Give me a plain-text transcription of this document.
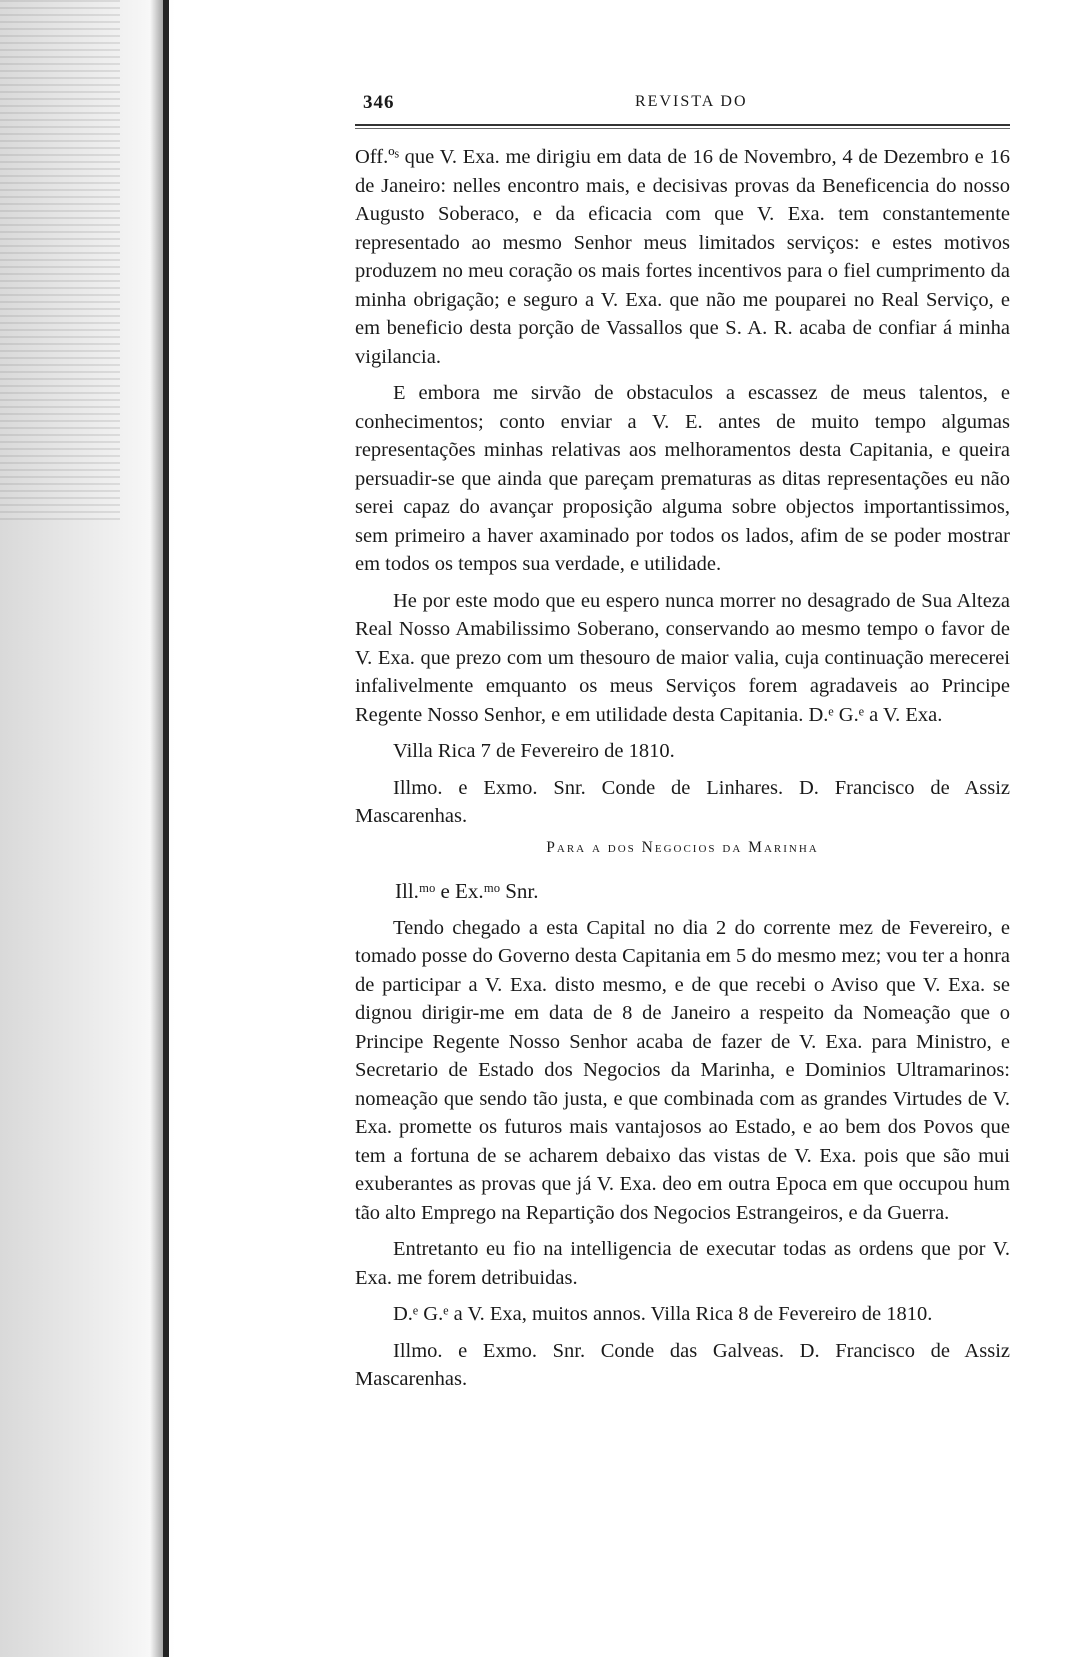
346	REVISTA DO

Off.ºˢ que V. Exa. me dirigiu em data de 16 de Novembro, 4 de Dezembro e 16 de Janeiro: nelles encontro mais, e decisivas provas da Beneficencia do nosso Augusto Soberaco, e da eficacia com que V. Exa. tem constantemente representado ao mesmo Senhor meus limitados serviços: e estes motivos produzem no meu coração os mais fortes incentivos para o fiel cumprimento da minha obrigação; e seguro a V. Exa. que não me pouparei no Real Serviço, e em beneficio desta porção de Vassallos que S. A. R. acaba de confiar á minha vigilancia.

E embora me sirvão de obstaculos a escassez de meus talentos, e conhecimentos; conto enviar a V. E. antes de muito tempo algumas representações minhas relativas aos melhoramentos desta Capitania, e queira persuadir-se que ainda que pareçam prematuras as ditas representações eu não serei capaz do avançar proposição alguma sobre objectos importantissimos, sem primeiro a haver axaminado por todos os lados, afim de se poder mostrar em todos os tempos sua verdade, e utilidade.

He por este modo que eu espero nunca morrer no desagrado de Sua Alteza Real Nosso Amabilissimo Soberano, conservando ao mesmo tempo o favor de V. Exa. que prezo com um thesouro de maior valia, cuja continuação merecerei infalivelmente emquanto os meus Serviços forem agradaveis ao Principe Regente Nosso Senhor, e em utilidade desta Capitania. D.ᵉ G.ᵉ a V. Exa.

Villa Rica 7 de Fevereiro de 1810.

Illmo. e Exmo. Snr. Conde de Linhares. D. Francisco de Assiz Mascarenhas.

Para a dos Negocios da Marinha
Ill.ᵐᵒ e Ex.ᵐᵒ Snr.

Tendo chegado a esta Capital no dia 2 do corrente mez de Fevereiro, e tomado posse do Governo desta Capitania em 5 do mesmo mez; vou ter a honra de participar a V. Exa. disto mesmo, e de que recebi o Aviso que V. Exa. se dignou dirigir-me em data de 8 de Janeiro a respeito da Nomeação que o Principe Regente Nosso Senhor acaba de fazer de V. Exa. para Ministro, e Secretario de Estado dos Negocios da Marinha, e Dominios Ultramarinos: nomeação que sendo tão justa, e que combinada com as grandes Virtudes de V. Exa. promette os futuros mais vantajosos ao Estado, e ao bem dos Povos que tem a fortuna de se acharem debaixo das vistas de V. Exa. pois que são mui exuberantes as provas que já V. Exa. deo em outra Epoca em que occupou hum tão alto Emprego na Repartição dos Negocios Estrangeiros, e da Guerra.

Entretanto eu fio na intelligencia de executar todas as ordens que por V. Exa. me forem detribuidas.

D.ᵉ G.ᵉ a V. Exa, muitos annos. Villa Rica 8 de Fevereiro de 1810.

Illmo. e Exmo. Snr. Conde das Galveas. D. Francisco de Assiz Mascarenhas.
